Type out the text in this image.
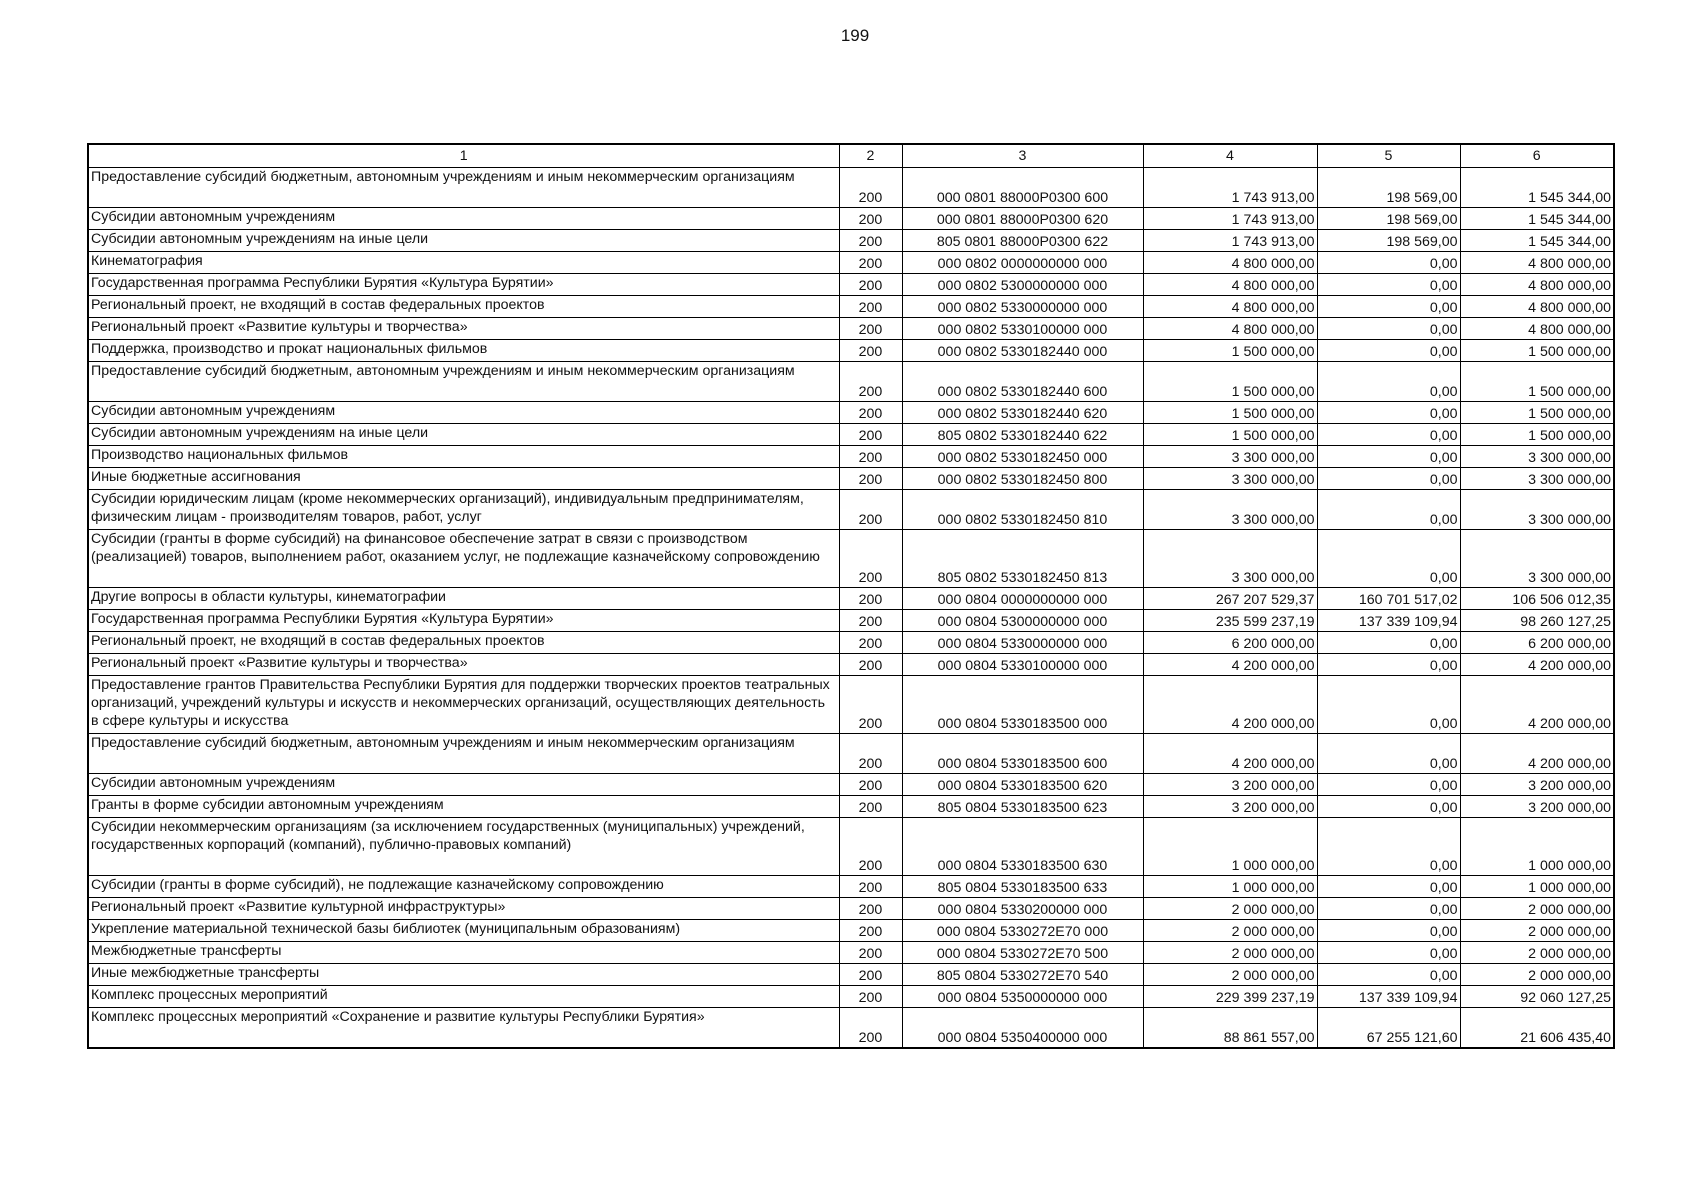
199
1	2	3	4	5	6
Предоставление субсидий бюджетным, автономным учреждениям и иным некоммерческим организациям	200	000 0801 88000P0300 600	1 743 913,00	198 569,00	1 545 344,00
Субсидии автономным учреждениям	200	000 0801 88000P0300 620	1 743 913,00	198 569,00	1 545 344,00
Субсидии автономным учреждениям на иные цели	200	805 0801 88000P0300 622	1 743 913,00	198 569,00	1 545 344,00
Кинематография	200	000 0802 0000000000 000	4 800 000,00	0,00	4 800 000,00
Государственная программа Республики Бурятия «Культура Бурятии»	200	000 0802 5300000000 000	4 800 000,00	0,00	4 800 000,00
Региональный проект, не входящий в состав федеральных проектов	200	000 0802 5330000000 000	4 800 000,00	0,00	4 800 000,00
Региональный проект «Развитие культуры и творчества»	200	000 0802 5330100000 000	4 800 000,00	0,00	4 800 000,00
Поддержка, производство и прокат национальных фильмов	200	000 0802 5330182440 000	1 500 000,00	0,00	1 500 000,00
Предоставление субсидий бюджетным, автономным учреждениям и иным некоммерческим организациям	200	000 0802 5330182440 600	1 500 000,00	0,00	1 500 000,00
Субсидии автономным учреждениям	200	000 0802 5330182440 620	1 500 000,00	0,00	1 500 000,00
Субсидии автономным учреждениям на иные цели	200	805 0802 5330182440 622	1 500 000,00	0,00	1 500 000,00
Производство национальных фильмов	200	000 0802 5330182450 000	3 300 000,00	0,00	3 300 000,00
Иные бюджетные ассигнования	200	000 0802 5330182450 800	3 300 000,00	0,00	3 300 000,00
Субсидии юридическим лицам (кроме некоммерческих организаций), индивидуальным предпринимателям, физическим лицам - производителям товаров, работ, услуг	200	000 0802 5330182450 810	3 300 000,00	0,00	3 300 000,00
Субсидии (гранты в форме субсидий) на финансовое обеспечение затрат в связи с производством (реализацией) товаров, выполнением работ, оказанием услуг, не подлежащие казначейскому сопровождению	200	805 0802 5330182450 813	3 300 000,00	0,00	3 300 000,00
Другие вопросы в области культуры, кинематографии	200	000 0804 0000000000 000	267 207 529,37	160 701 517,02	106 506 012,35
Государственная программа Республики Бурятия «Культура Бурятии»	200	000 0804 5300000000 000	235 599 237,19	137 339 109,94	98 260 127,25
Региональный проект, не входящий в состав федеральных проектов	200	000 0804 5330000000 000	6 200 000,00	0,00	6 200 000,00
Региональный проект «Развитие культуры и творчества»	200	000 0804 5330100000 000	4 200 000,00	0,00	4 200 000,00
Предоставление грантов Правительства Республики Бурятия для поддержки творческих проектов театральных организаций, учреждений культуры и искусств и некоммерческих организаций, осуществляющих деятельность в сфере культуры и искусства	200	000 0804 5330183500 000	4 200 000,00	0,00	4 200 000,00
Предоставление субсидий бюджетным, автономным учреждениям и иным некоммерческим организациям	200	000 0804 5330183500 600	4 200 000,00	0,00	4 200 000,00
Субсидии автономным учреждениям	200	000 0804 5330183500 620	3 200 000,00	0,00	3 200 000,00
Гранты в форме субсидии автономным учреждениям	200	805 0804 5330183500 623	3 200 000,00	0,00	3 200 000,00
Субсидии некоммерческим организациям (за исключением государственных (муниципальных) учреждений, государственных корпораций (компаний), публично-правовых компаний)	200	000 0804 5330183500 630	1 000 000,00	0,00	1 000 000,00
Субсидии (гранты в форме субсидий), не подлежащие казначейскому сопровождению	200	805 0804 5330183500 633	1 000 000,00	0,00	1 000 000,00
Региональный проект «Развитие культурной инфраструктуры»	200	000 0804 5330200000 000	2 000 000,00	0,00	2 000 000,00
Укрепление материальной технической базы библиотек (муниципальным образованиям)	200	000 0804 5330272E70 000	2 000 000,00	0,00	2 000 000,00
Межбюджетные трансферты	200	000 0804 5330272E70 500	2 000 000,00	0,00	2 000 000,00
Иные межбюджетные трансферты	200	805 0804 5330272E70 540	2 000 000,00	0,00	2 000 000,00
Комплекс процессных мероприятий	200	000 0804 5350000000 000	229 399 237,19	137 339 109,94	92 060 127,25
Комплекс процессных мероприятий «Сохранение и развитие культуры Республики Бурятия»	200	000 0804 5350400000 000	88 861 557,00	67 255 121,60	21 606 435,40
